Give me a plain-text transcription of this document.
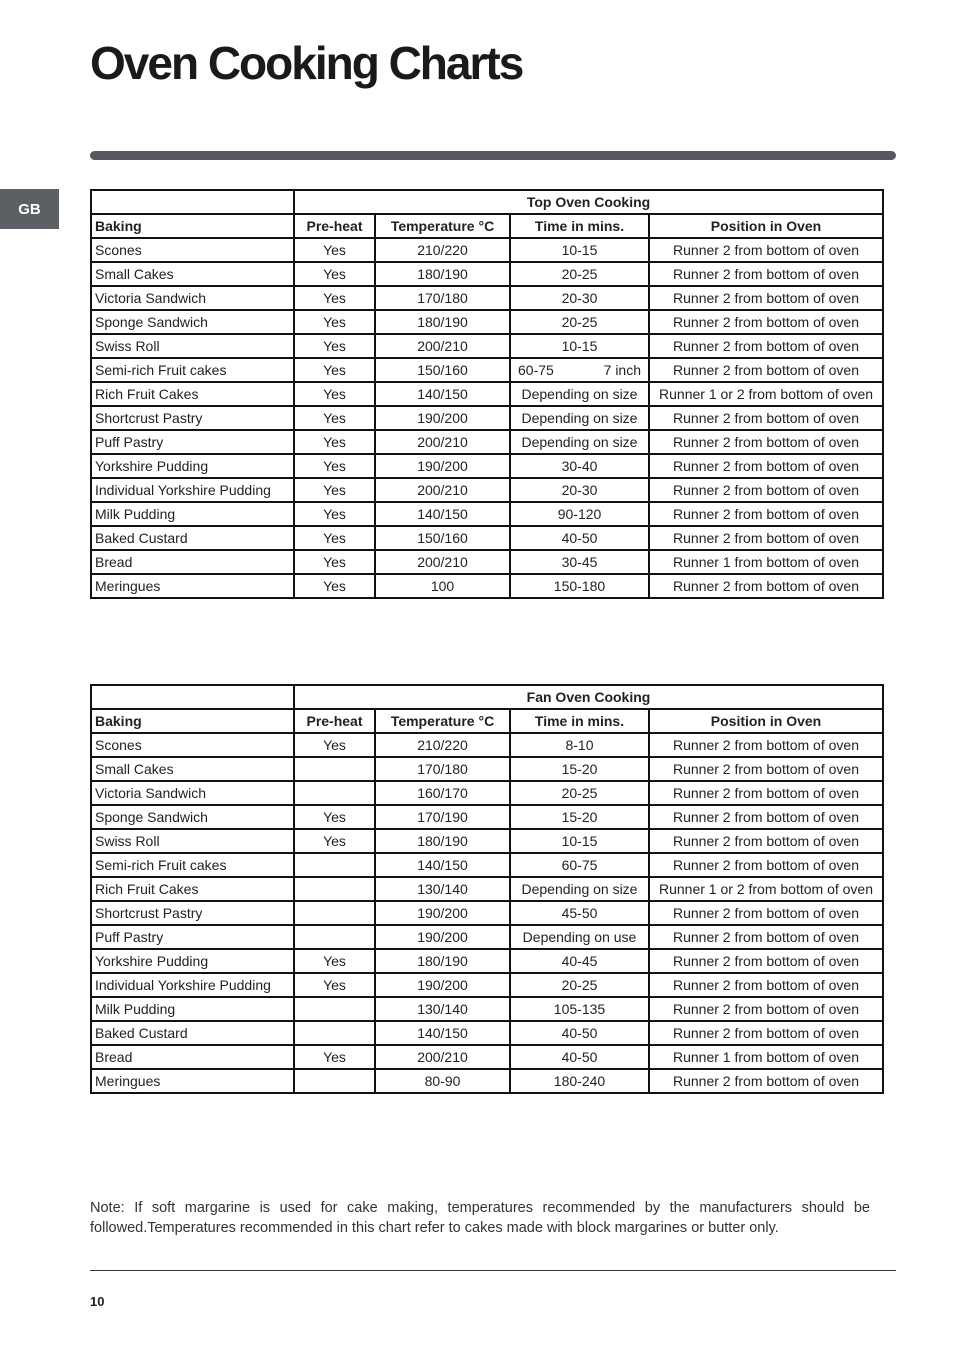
Oven Cooking Charts
GB
		Top Oven Cooking			
Baking	Pre-heat	Temperature °C	Time in mins.	Position in Oven
Scones	Yes	210/220	10-15	Runner 2 from bottom of oven
Small Cakes	Yes	180/190	20-25	Runner 2 from bottom of oven
Victoria Sandwich	Yes	170/180	20-30	Runner 2 from bottom of oven
Sponge Sandwich	Yes	180/190	20-25	Runner 2 from bottom of oven
Swiss Roll	Yes	200/210	10-15	Runner 2 from bottom of oven
Semi-rich Fruit cakes	Yes	150/160	60-75 7 inch	Runner 2 from bottom of oven
Rich Fruit Cakes	Yes	140/150	Depending on size	Runner 1 or 2 from bottom of oven
Shortcrust Pastry	Yes	190/200	Depending on size	Runner 2 from bottom of oven
Puff Pastry	Yes	200/210	Depending on size	Runner 2 from bottom of oven
Yorkshire Pudding	Yes	190/200	30-40	Runner 2 from bottom of oven
Individual Yorkshire Pudding	Yes	200/210	20-30	Runner 2 from bottom of oven
Milk Pudding	Yes	140/150	90-120	Runner 2 from bottom of oven
Baked Custard	Yes	150/160	40-50	Runner 2 from bottom of oven
Bread	Yes	200/210	30-45	Runner 1 from bottom of oven
Meringues	Yes	100	150-180	Runner 2 from bottom of oven
	Fan Oven Cooking			
Baking	Pre-heat	Temperature °C	Time in mins.	Position in Oven
Scones	Yes	210/220	8-10	Runner 2 from bottom of oven
Small Cakes		170/180	15-20	Runner 2 from bottom of oven
Victoria Sandwich		160/170	20-25	Runner 2 from bottom of oven
Sponge Sandwich	Yes	170/190	15-20	Runner 2 from bottom of oven
Swiss Roll	Yes	180/190	10-15	Runner 2 from bottom of oven
Semi-rich Fruit cakes		140/150	60-75	Runner 2 from bottom of oven
Rich Fruit Cakes		130/140	Depending on size	Runner 1 or 2 from bottom of oven
Shortcrust Pastry		190/200	45-50	Runner 2 from bottom of oven
Puff Pastry		190/200	Depending on use	Runner 2 from bottom of oven
Yorkshire Pudding	Yes	180/190	40-45	Runner 2 from bottom of oven
Individual Yorkshire Pudding	Yes	190/200	20-25	Runner 2 from bottom of oven
Milk Pudding		130/140	105-135	Runner 2 from bottom of oven
Baked Custard		140/150	40-50	Runner 2 from bottom of oven
Bread	Yes	200/210	40-50	Runner 1 from bottom of oven
Meringues		80-90	180-240	Runner 2 from bottom of oven

Note: If soft margarine is used for cake making, temperatures recommended by the manufacturers should be followed.Temperatures recommended in this chart refer to cakes made with block margarines or butter only.

10
